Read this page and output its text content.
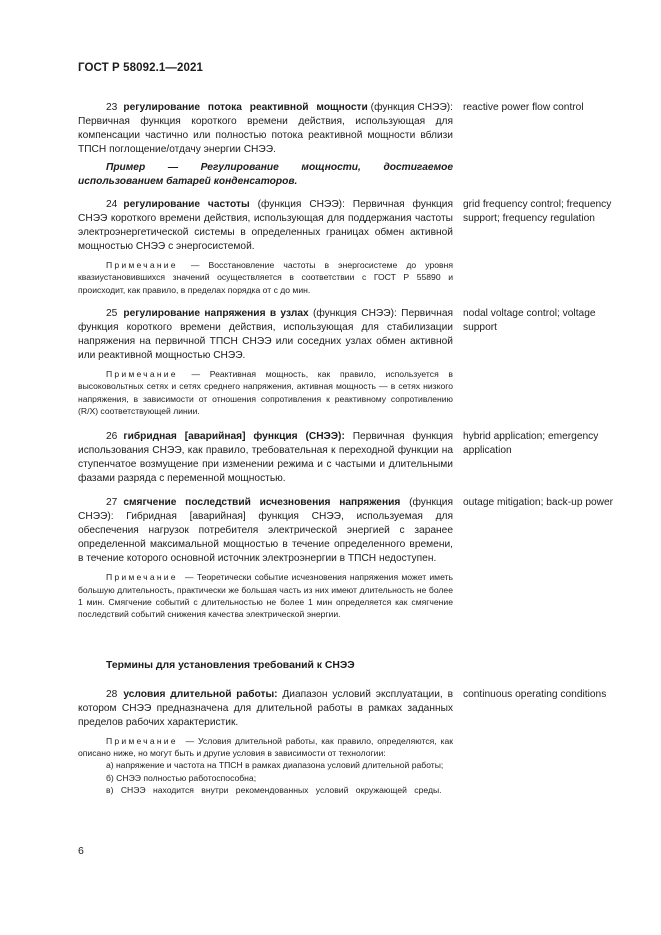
ГОСТ Р 58092.1—2021

23 регулирование потока реактивной мощности (функция СНЭЭ): Первичная функция короткого времени действия, использующая для компенсации частично или полностью потока реактивной мощности вблизи ТПСН поглощение/отдачу энергии СНЭЭ.

Пример — Регулирование мощности, достигаемое использованием батарей конденсаторов.

reactive power flow control

24 регулирование частоты (функция СНЭЭ): Первичная функция СНЭЭ короткого времени действия, использующая для поддержания частоты электроэнергетической системы в определенных границах обмен активной мощностью СНЭЭ с энергосистемой.

Примечание — Восстановление частоты в энергосистеме до уровня квазиустановившихся значений осуществляется в соответствии с ГОСТ Р 55890 и происходит, как правило, в пределах порядка от с до мин.

grid frequency control; frequency support; frequency regulation

25 регулирование напряжения в узлах (функция СНЭЭ): Первичная функция короткого времени действия, использующая для стабилизации напряжения на первичной ТПСН СНЭЭ или соседних узлах обмен активной или реактивной мощностью СНЭЭ.

Примечание — Реактивная мощность, как правило, используется в высоковольтных сетях и сетях среднего напряжения, активная мощность — в сетях низкого напряжения, в зависимости от отношения сопротивления к реактивному сопротивлению (R/X) соответствующей линии.

nodal voltage control; voltage support

26 гибридная [аварийная] функция (СНЭЭ): Первичная функция использования СНЭЭ, как правило, требовательная к переходной функции на ступенчатое возмущение при изменении режима и с частыми и длительными фазами разряда с переменной мощностью.

hybrid application; emergency application

27 смягчение последствий исчезновения напряжения (функция СНЭЭ): Гибридная [аварийная] функция СНЭЭ, используемая для обеспечения нагрузок потребителя электрической энергией с заранее определенной максимальной мощностью в течение определенного времени, в течение которого основной источник электроэнергии в ТПСН недоступен.

Примечание — Теоретически событие исчезновения напряжения может иметь большую длительность, практически же большая часть из них имеют длительность не более 1 мин. Смягчение событий с длительностью не более 1 мин определяется как смягчение последствий событий снижения качества электрической энергии.

outage mitigation; back-up power
Термины для установления требований к СНЭЭ

28 условия длительной работы: Диапазон условий эксплуатации, в котором СНЭЭ предназначена для длительной работы в рамках заданных пределов рабочих характеристик.

Примечание — Условия длительной работы, как правило, определяются, как описано ниже, но могут быть и другие условия в зависимости от технологии:

а) напряжение и частота на ТПСН в рамках диапазона условий длительной работы;

б) СНЭЭ полностью работоспособна;

в) СНЭЭ находится внутри рекомендованных условий окружающей среды.

continuous operating conditions
6
